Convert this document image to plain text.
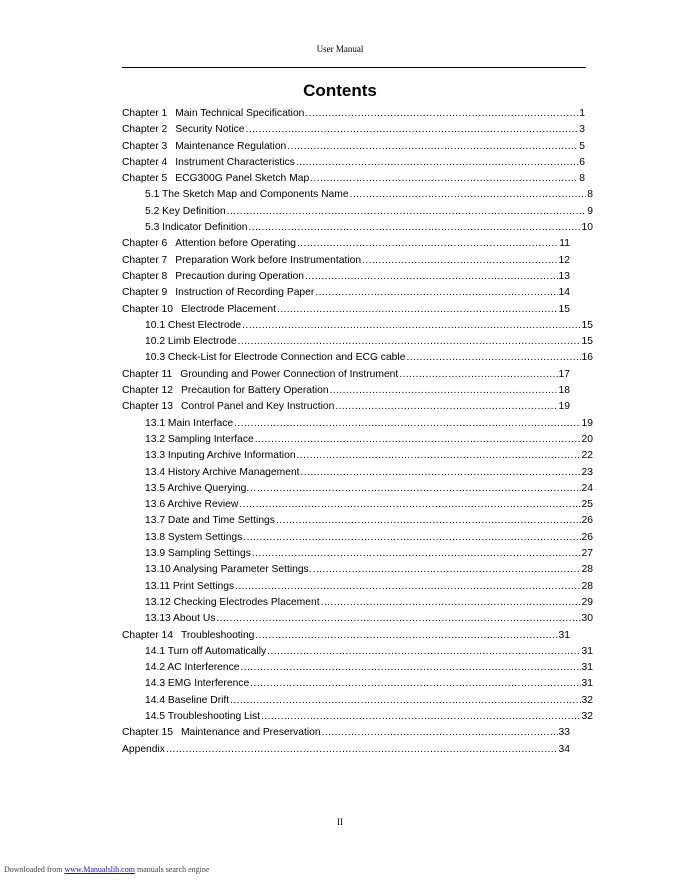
User Manual
Contents
Chapter 1 Main Technical Specification .....	1
Chapter 2 Security Notice .....	3
Chapter 3 Maintenance Regulation .....	5
Chapter 4 Instrument Characteristics .....	6
Chapter 5 ECG300G Panel Sketch Map .....	8
5.1 The Sketch Map and Components Name .....	8
5.2 Key Definition .....	9
5.3 Indicator Definition .....	10
Chapter 6 Attention before Operating .....	11
Chapter 7 Preparation Work before Instrumentation .....	12
Chapter 8 Precaution during Operation .....	13
Chapter 9 Instruction of Recording Paper .....	14
Chapter 10 Electrode Placement .....	15
10.1 Chest Electrode .....	15
10.2 Limb Electrode .....	15
10.3 Check-List for Electrode Connection and ECG cable .....	16
Chapter 11 Grounding and Power Connection of Instrument .....	17
Chapter 12 Precaution for Battery Operation .....	18
Chapter 13 Control Panel and Key Instruction .....	19
13.1 Main Interface .....	19
13.2 Sampling Interface .....	20
13.3 Inputing Archive Information .....	22
13.4 History Archive Management .....	23
13.5 Archive Querying. .....	24
13.6 Archive Review .....	25
13.7 Date and Time Settings .....	26
13.8 System Settings .....	26
13.9 Sampling Settings .....	27
13.10 Analysing Parameter Settings. .....	28
13.11 Print Settings .....	28
13.12 Checking Electrodes Placement .....	29
13.13 About Us .....	30
Chapter 14 Troubleshooting .....	31
14.1 Turn off Automatically .....	31
14.2 AC Interference .....	31
14.3 EMG Interference .....	31
14.4 Baseline Drift .....	32
14.5 Troubleshooting List .....	32
Chapter 15 Maintenance and Preservation .....	33
Appendix .....	34
II
Downloaded from www.Manualslib.com manuals search engine
